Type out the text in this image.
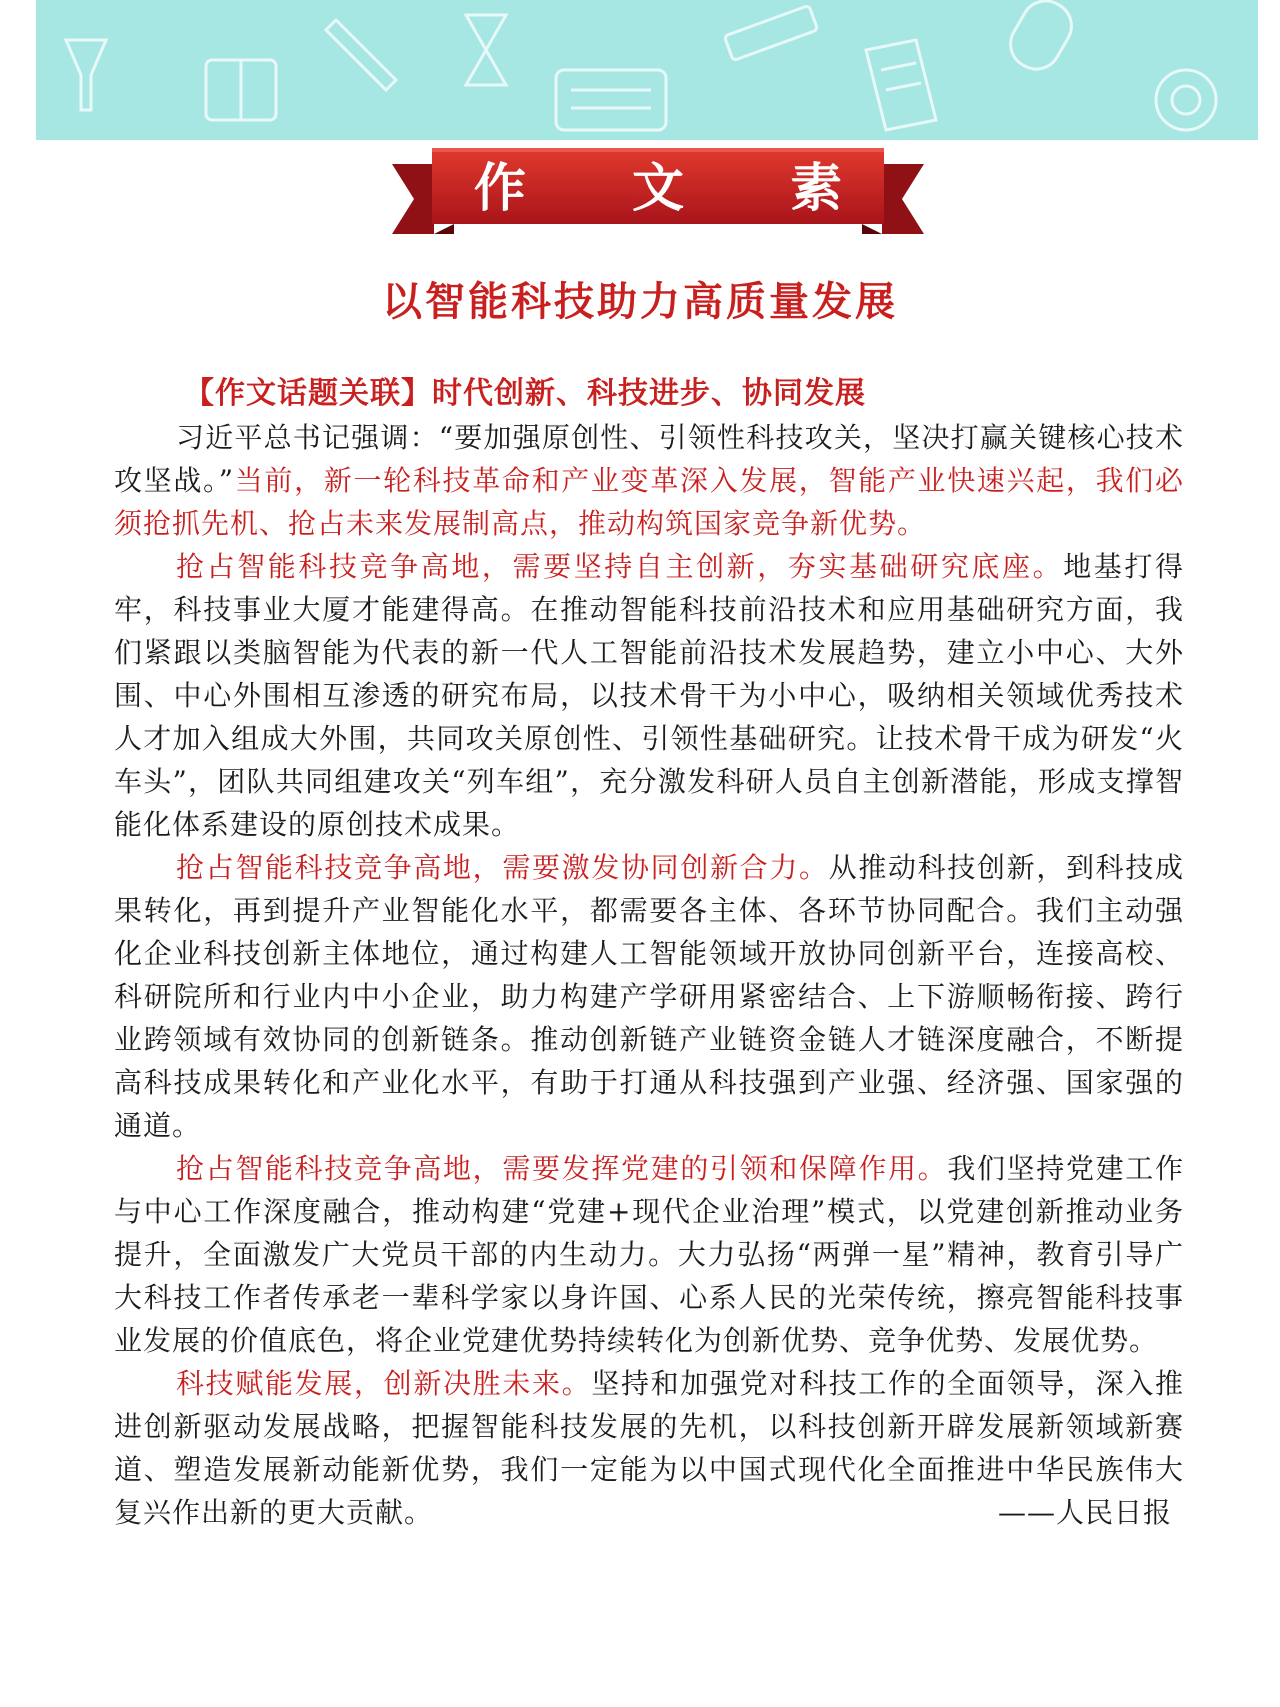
作 文 素 材
以智能科技助力高质量发展

【作文话题关联】时代创新、科技进步、协同发展

习近平总书记强调：“要加强原创性、引领性科技攻关，坚决打赢关键核心技术攻坚战。”当前，新一轮科技革命和产业变革深入发展，智能产业快速兴起，我们必须抢抓先机、抢占未来发展制高点，推动构筑国家竞争新优势。

抢占智能科技竞争高地，需要坚持自主创新，夯实基础研究底座。地基打得牢，科技事业大厦才能建得高。在推动智能科技前沿技术和应用基础研究方面，我们紧跟以类脑智能为代表的新一代人工智能前沿技术发展趋势，建立小中心、大外围、中心外围相互渗透的研究布局，以技术骨干为小中心，吸纳相关领域优秀技术人才加入组成大外围，共同攻关原创性、引领性基础研究。让技术骨干成为研发“火车头”，团队共同组建攻关“列车组”，充分激发科研人员自主创新潜能，形成支撑智能化体系建设的原创技术成果。

抢占智能科技竞争高地，需要激发协同创新合力。从推动科技创新，到科技成果转化，再到提升产业智能化水平，都需要各主体、各环节协同配合。我们主动强化企业科技创新主体地位，通过构建人工智能领域开放协同创新平台，连接高校、科研院所和行业内中小企业，助力构建产学研用紧密结合、上下游顺畅衔接、跨行业跨领域有效协同的创新链条。推动创新链产业链资金链人才链深度融合，不断提高科技成果转化和产业化水平，有助于打通从科技强到产业强、经济强、国家强的通道。

抢占智能科技竞争高地，需要发挥党建的引领和保障作用。我们坚持党建工作与中心工作深度融合，推动构建“党建+现代企业治理”模式，以党建创新推动业务提升，全面激发广大党员干部的内生动力。大力弘扬“两弹一星”精神，教育引导广大科技工作者传承老一辈科学家以身许国、心系人民的光荣传统，擦亮智能科技事业发展的价值底色，将企业党建优势持续转化为创新优势、竞争优势、发展优势。

科技赋能发展，创新决胜未来。坚持和加强党对科技工作的全面领导，深入推进创新驱动发展战略，把握智能科技发展的先机，以科技创新开辟发展新领域新赛道、塑造发展新动能新优势，我们一定能为以中国式现代化全面推进中华民族伟大复兴作出新的更大贡献。	——人民日报
